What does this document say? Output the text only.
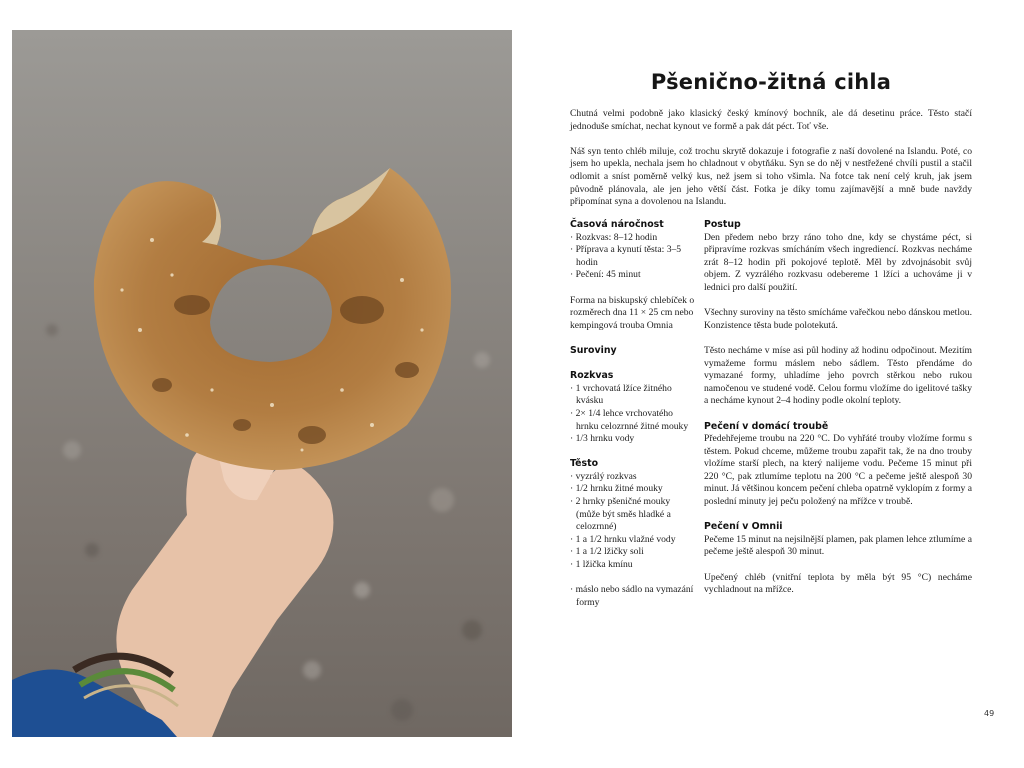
Pšenično-žitná cihla

Chutná velmi podobně jako klasický český kmínový bochník, ale dá desetinu práce. Těsto stačí jednoduše smíchat, nechat kynout ve formě a pak dát péct. Toť vše.

Náš syn tento chléb miluje, což trochu skrytě dokazuje i fotografie z naší dovolené na Islandu. Poté, co jsem ho upekla, nechala jsem ho chladnout v obytňáku. Syn se do něj v nestřežené chvíli pustil a stačil odlomit a sníst poměrně velký kus, než jsem si toho všimla. Na fotce tak není celý kruh, jak jsem původně plánovala, ale jen jeho větší část. Fotka je díky tomu zajímavější a mně bude navždy připomínat syna a dovolenou na Islandu.

Časová náročnost
· Rozkvas: 8–12 hodin
· Příprava a kynutí těsta: 3–5 hodin
· Pečení: 45 minut
Forma na biskupský chlebíček o rozměrech dna 11 × 25 cm nebo kempingová trouba Omnia
Suroviny
Rozkvas
· 1 vrchovatá lžíce žitného kvásku
· 2× 1/4 lehce vrchovatého hrnku celozrnné žitné mouky
· 1/3 hrnku vody
Těsto
· vyzrálý rozkvas
· 1/2 hrnku žitné mouky
· 2 hrnky pšeničné mouky (může být směs hladké a celozrnné)
· 1 a 1/2 hrnku vlažné vody
· 1 a 1/2 lžičky soli
· 1 lžička kmínu
· máslo nebo sádlo na vymazání formy
Postup

Den předem nebo brzy ráno toho dne, kdy se chystáme péct, si připravíme rozkvas smícháním všech ingrediencí. Rozkvas necháme zrát 8–12 hodin při pokojové teplotě. Měl by zdvojnásobit svůj objem. Z vyzrálého rozkvasu odebereme 1 lžíci a uchováme ji v lednici pro další použití.

Všechny suroviny na těsto smícháme vařečkou nebo dánskou metlou. Konzistence těsta bude polotekutá.

Těsto necháme v míse asi půl hodiny až hodinu odpočinout. Mezitím vymažeme formu máslem nebo sádlem. Těsto přendáme do vymazané formy, uhladíme jeho povrch stěrkou nebo rukou namočenou ve studené vodě. Celou formu vložíme do igelitové tašky a necháme kynout 2–4 hodiny podle okolní teploty.

Pečení v domácí troubě

Předehřejeme troubu na 220 °C. Do vyhřáté trouby vložíme formu s těstem. Pokud chceme, můžeme troubu zapařit tak, že na dno trouby vložíme starší plech, na který nalijeme vodu. Pečeme 15 minut při 220 °C, pak ztlumíme teplotu na 200 °C a pečeme ještě alespoň 30 minut. Já většinou koncem pečení chleba opatrně vyklopím z formy a poslední minuty jej peču položený na mřížce v troubě.

Pečení v Omnii

Pečeme 15 minut na nejsilnější plamen, pak plamen lehce ztlumíme a pečeme ještě alespoň 30 minut.

Upečený chléb (vnitřní teplota by měla být 95 °C) necháme vychladnout na mřížce.

49
